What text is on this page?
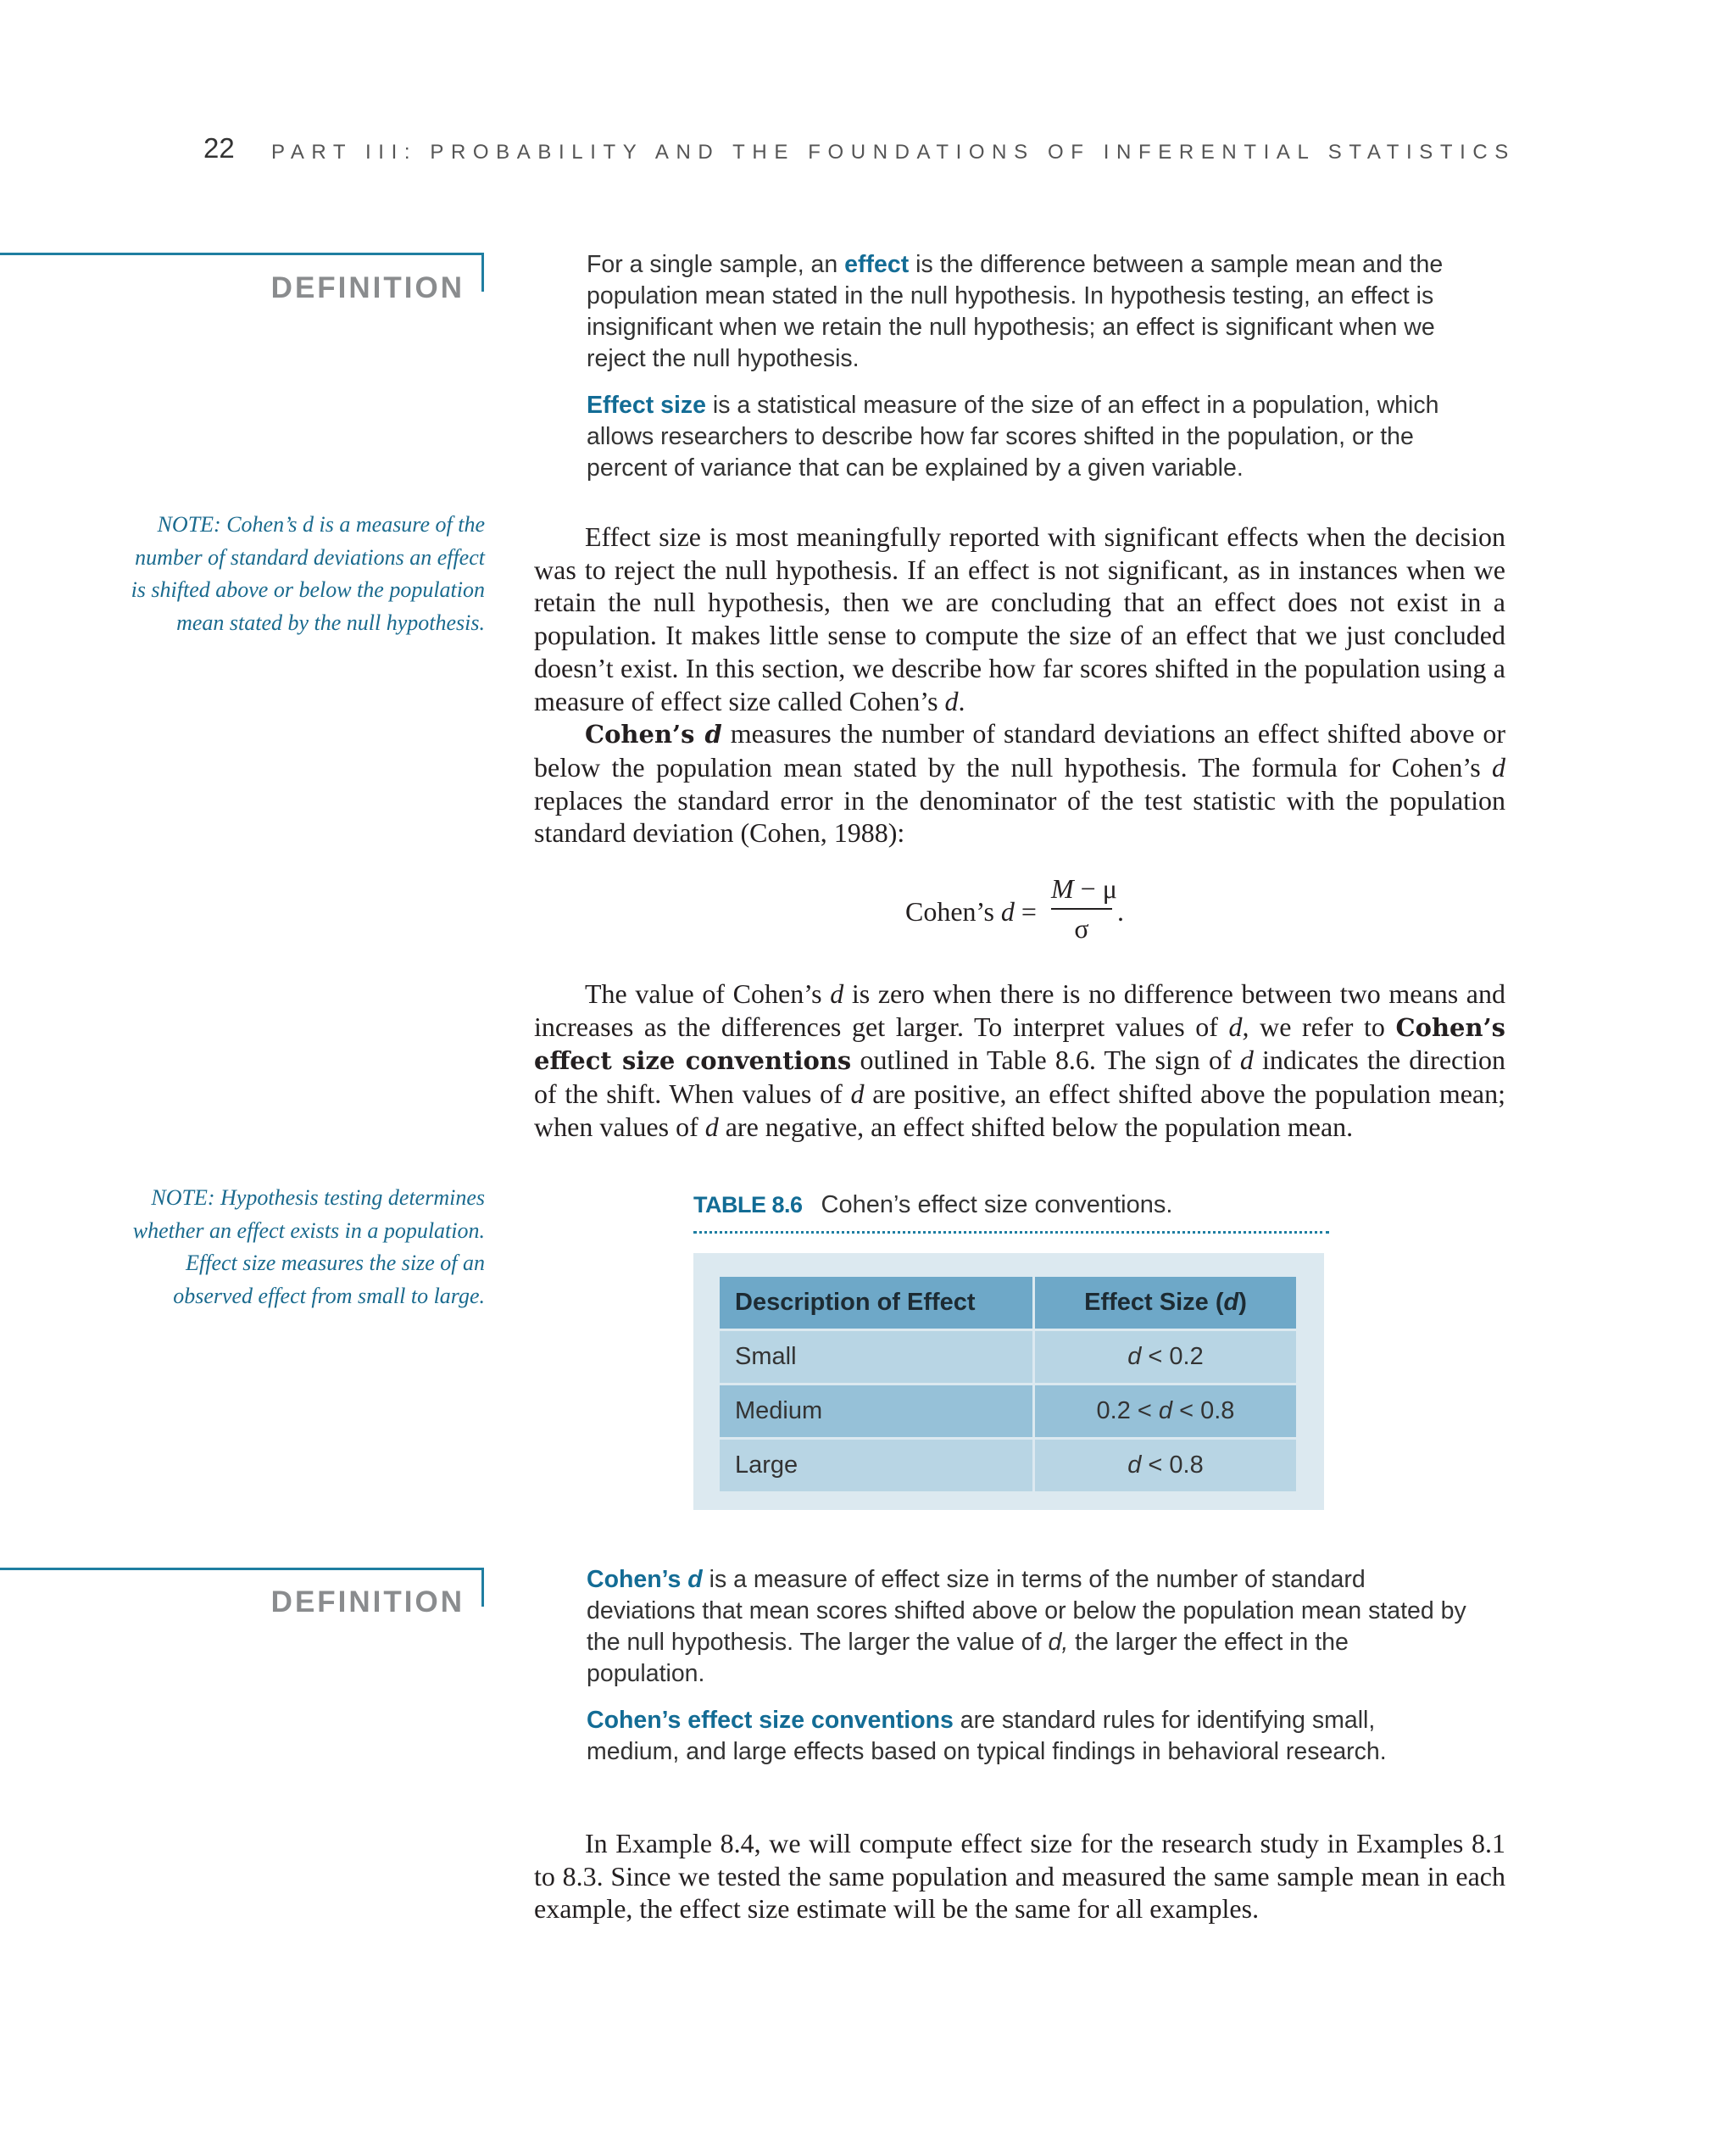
22 PART III: PROBABILITY AND THE FOUNDATIONS OF INFERENTIAL STATISTICS
DEFINITION

For a single sample, an effect is the difference between a sample mean and the population mean stated in the null hypothesis. In hypothesis testing, an effect is insignificant when we retain the null hypothesis; an effect is significant when we reject the null hypothesis.

Effect size is a statistical measure of the size of an effect in a population, which allows researchers to describe how far scores shifted in the population, or the percent of variance that can be explained by a given variable.

NOTE: Cohen’s d is a measure of the number of standard deviations an effect is shifted above or below the population mean stated by the null hypothesis.

Effect size is most meaningfully reported with significant effects when the decision was to reject the null hypothesis. If an effect is not significant, as in instances when we retain the null hypothesis, then we are concluding that an effect does not exist in a population. It makes little sense to compute the size of an effect that we just concluded doesn’t exist. In this section, we describe how far scores shifted in the population using a measure of effect size called Cohen’s d.

Cohen’s d measures the number of standard deviations an effect shifted above or below the population mean stated by the null hypothesis. The formula for Cohen’s d replaces the standard error in the denominator of the test statistic with the population standard deviation (Cohen, 1988):

Cohen’s $d = \frac{M - \mu}{\sigma}$ .

The value of Cohen’s d is zero when there is no difference between two means and increases as the differences get larger. To interpret values of d, we refer to Cohen’s effect size conventions outlined in Table 8.6. The sign of d indicates the direction of the shift. When values of d are positive, an effect shifted above the population mean; when values of d are negative, an effect shifted below the population mean.

NOTE: Hypothesis testing determines whether an effect exists in a population. Effect size measures the size of an observed effect from small to large.
TABLE 8.6 Cohen’s effect size conventions.
Description of Effect	Effect Size (d)
Small	d < 0.2
Medium	0.2 < d < 0.8
Large	d < 0.8
DEFINITION

Cohen’s d is a measure of effect size in terms of the number of standard deviations that mean scores shifted above or below the population mean stated by the null hypothesis. The larger the value of d, the larger the effect in the population.

Cohen’s effect size conventions are standard rules for identifying small, medium, and large effects based on typical findings in behavioral research.

In Example 8.4, we will compute effect size for the research study in Examples 8.1 to 8.3. Since we tested the same population and measured the same sample mean in each example, the effect size estimate will be the same for all examples.
